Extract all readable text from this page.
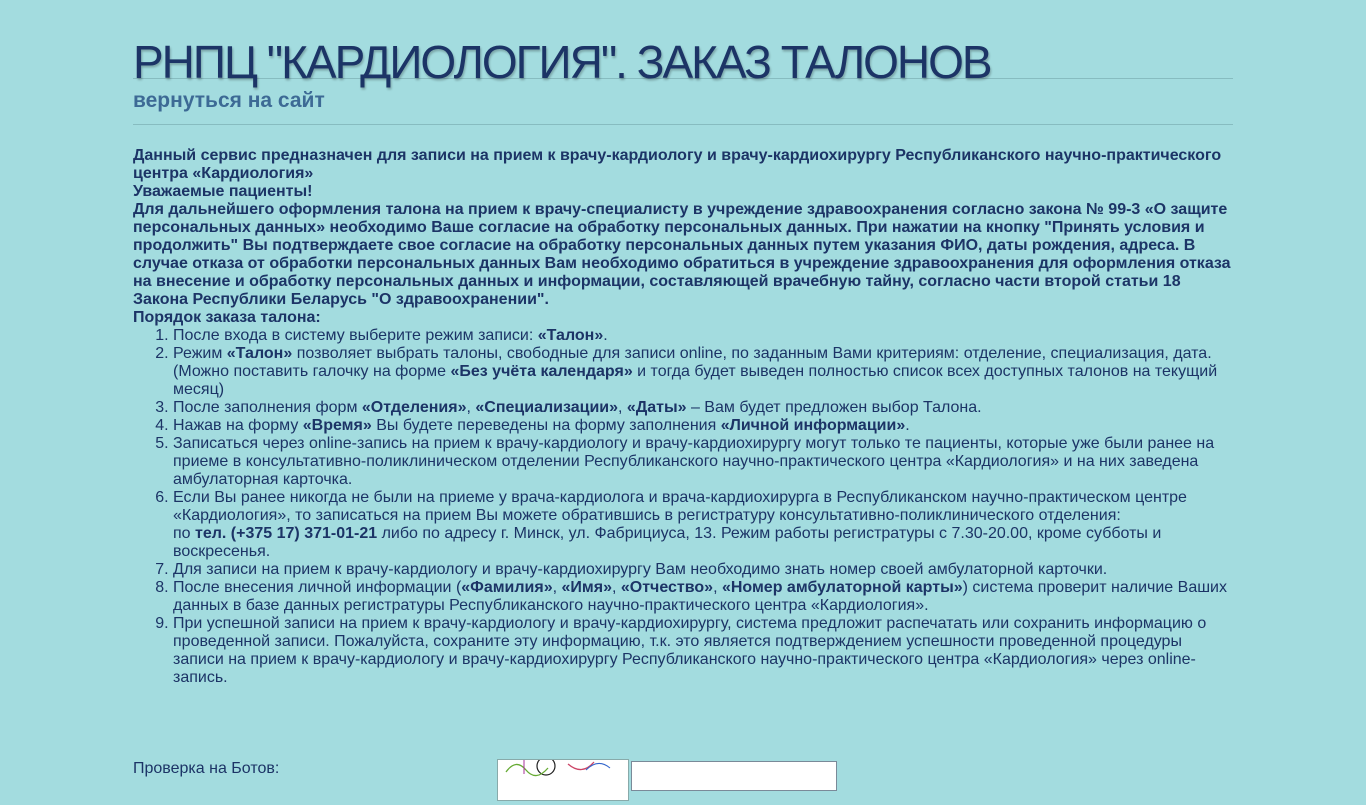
РНПЦ "КАРДИОЛОГИЯ". ЗАКАЗ ТАЛОНОВ
вернуться на сайт

Данный сервис предназначен для записи на прием к врачу-кардиологу и врачу-кардиохирургу Республиканского научно-практического центра «Кардиология»

Уважаемые пациенты!

Для дальнейшего оформления талона на прием к врачу-специалисту в учреждение здравоохранения согласно закона № 99-3 «О защите персональных данных» необходимо Ваше согласие на обработку персональных данных. При нажатии на кнопку "Принять условия и продолжить" Вы подтверждаете свое согласие на обработку персональных данных путем указания ФИО, даты рождения, адреса. В случае отказа от обработки персональных данных Вам необходимо обратиться в учреждение здравоохранения для оформления отказа на внесение и обработку персональных данных и информации, составляющей врачебную тайну, согласно части второй статьи 18 Закона Республики Беларусь "О здравоохранении".

Порядок заказа талона:

1. После входа в систему выберите режим записи: «Талон».
2. Режим «Талон» позволяет выбрать талоны, свободные для записи online, по заданным Вами критериям: отделение, специализация, дата. (Можно поставить галочку на форме «Без учёта календаря» и тогда будет выведен полностью список всех доступных талонов на текущий месяц)
3. После заполнения форм «Отделения», «Специализации», «Даты» – Вам будет предложен выбор Талона.
4. Нажав на форму «Время» Вы будете переведены на форму заполнения «Личной информации».
5. Записаться через online-запись на прием к врачу-кардиологу и врачу-кардиохирургу могут только те пациенты, которые уже были ранее на приеме в консультативно-поликлиническом отделении Республиканского научно-практического центра «Кардиология» и на них заведена амбулаторная карточка.
6. Если Вы ранее никогда не были на приеме у врача-кардиолога и врача-кардиохирурга в Республиканском научно-практическом центре «Кардиология», то записаться на прием Вы можете обратившись в регистратуру консультативно-поликлинического отделения:
по тел. (+375 17) 371-01-21 либо по адресу г. Минск, ул. Фабрициуса, 13. Режим работы регистратуры с 7.30-20.00, кроме субботы и воскресенья.
7. Для записи на прием к врачу-кардиологу и врачу-кардиохирургу Вам необходимо знать номер своей амбулаторной карточки.
8. После внесения личной информации («Фамилия», «Имя», «Отчество», «Номер амбулаторной карты») система проверит наличие Ваших данных в базе данных регистратуры Республиканского научно-практического центра «Кардиология».
9. При успешной записи на прием к врачу-кардиологу и врачу-кардиохирургу, система предложит распечатать или сохранить информацию о проведенной записи. Пожалуйста, сохраните эту информацию, т.к. это является подтверждением успешности проведенной процедуры записи на прием к врачу-кардиологу и врачу-кардиохирургу Республиканского научно-практического центра «Кардиология» через online-запись.
Проверка на Ботов:
